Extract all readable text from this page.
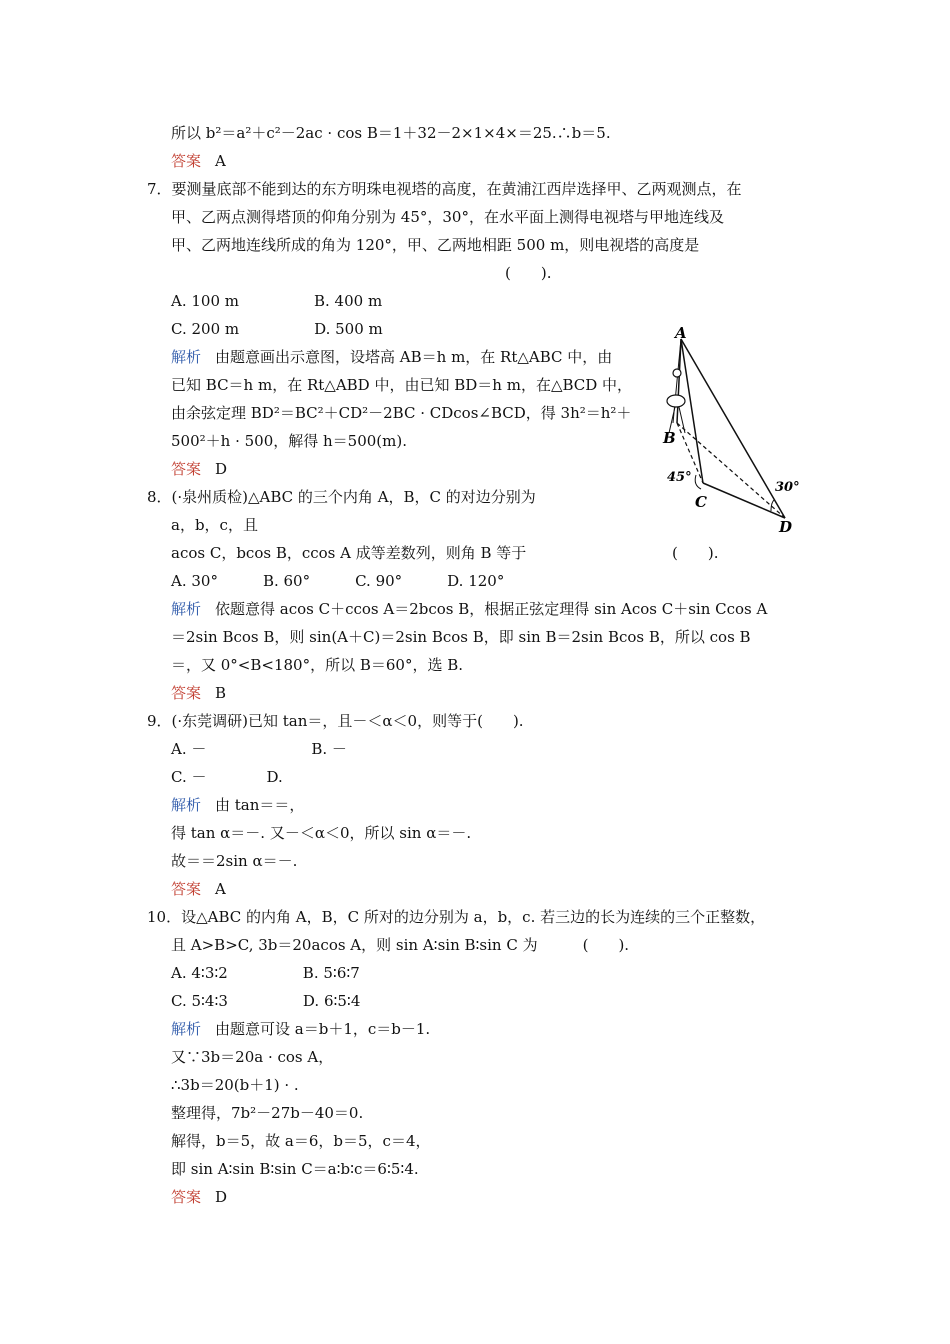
所以 b²＝a²＋c²－2ac · cos B＝1＋32－2×1×4×＝25.∴b＝5.
答案 A
7．要测量底部不能到达的东方明珠电视塔的高度，在黄浦江西岸选择甲、乙两观测点，在
甲、乙两点测得塔顶的仰角分别为 45°，30°，在水平面上测得电视塔与甲地连线及
甲、乙两地连线所成的角为 120°，甲、乙两地相距 500 m，则电视塔的高度是
(　　).
A. 100 m　　　　　B. 400 m
C. 200 m　　　　　D. 500 m
解析 由题意画出示意图，设塔高 AB＝h m，在 Rt△ABC 中，由
已知 BC＝h m，在 Rt△ABD 中，由已知 BD＝h m，在△BCD 中，
由余弦定理 BD²＝BC²＋CD²－2BC · CDcos∠BCD，得 3h²＝h²＋
500²＋h · 500，解得 h＝500(m).
答案 D
8．(·泉州质检)△ABC 的三个内角 A，B，C 的对边分别为
a，b，c，且
acos C，bcos B，ccos A 成等差数列，则角 B 等于	(　　).
A. 30°　　　B. 60°　　　C. 90°　　　D. 120°
解析 依题意得 acos C＋ccos A＝2bcos B，根据正弦定理得 sin Acos C＋sin Ccos A
＝2sin Bcos B，则 sin(A＋C)＝2sin Bcos B，即 sin B＝2sin Bcos B，所以 cos B
＝，又 0°<B<180°，所以 B＝60°，选 B.
答案 B
9．(·东莞调研)已知 tan＝，且－＜α＜0，则等于(　　).
A. －　　　　　　　B. －
C. －　　　　D.
解析 由 tan＝＝，
得 tan α＝－. 又－＜α＜0，所以 sin α＝－.
故＝＝2sin α＝－.
答案 A
10．设△ABC 的内角 A，B，C 所对的边分别为 a，b，c. 若三边的长为连续的三个正整数，
且 A>B>C, 3b＝20acos A，则 sin A∶sin B∶sin C 为　　　(　　).
A. 4∶3∶2　　　　　B. 5∶6∶7
C. 5∶4∶3　　　　　D. 6∶5∶4
解析 由题意可设 a＝b＋1，c＝b－1.
又∵3b＝20a · cos A，
∴3b＝20(b＋1) · .
整理得，7b²－27b－40＝0.
解得，b＝5，故 a＝6，b＝5，c＝4，
即 sin A∶sin B∶sin C＝a∶b∶c＝6∶5∶4.
答案 D
A
B
C
D
45°
30°
